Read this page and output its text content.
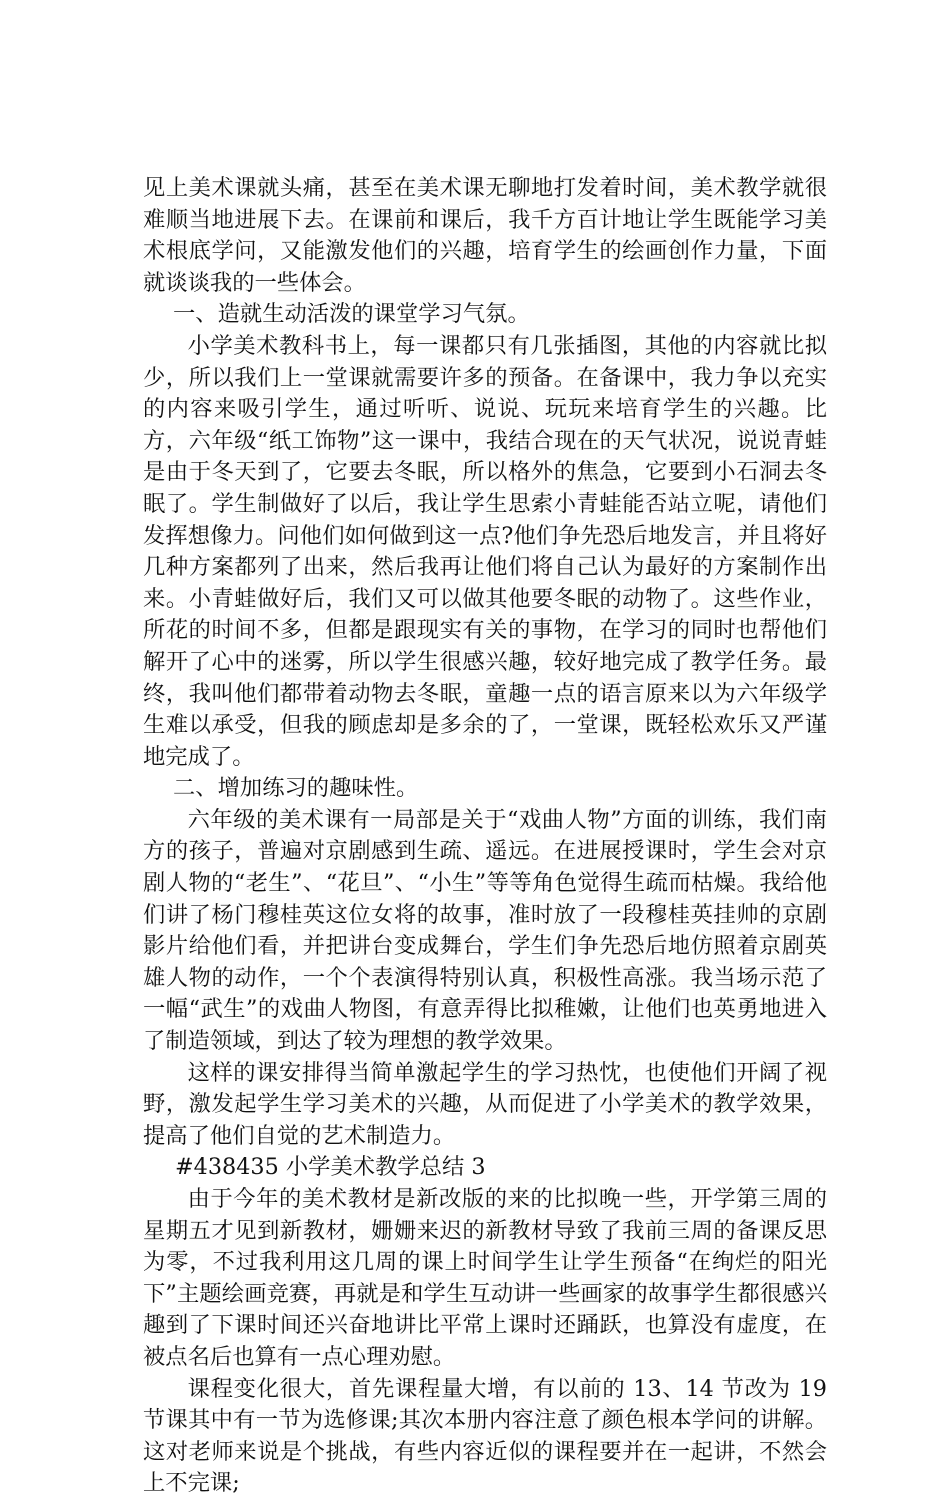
见上美术课就头痛，甚至在美术课无聊地打发着时间，美术教学就很难顺当地进展下去。在课前和课后，我千方百计地让学生既能学习美术根底学问，又能激发他们的兴趣，培育学生的绘画创作力量，下面就谈谈我的一些体会。

一、造就生动活泼的课堂学习气氛。

小学美术教科书上，每一课都只有几张插图，其他的内容就比拟少，所以我们上一堂课就需要许多的预备。在备课中，我力争以充实的内容来吸引学生，通过听听、说说、玩玩来培育学生的兴趣。比方，六年级“纸工饰物”这一课中，我结合现在的天气状况，说说青蛙是由于冬天到了，它要去冬眠，所以格外的焦急，它要到小石洞去冬眠了。学生制做好了以后，我让学生思索小青蛙能否站立呢，请他们发挥想像力。问他们如何做到这一点?他们争先恐后地发言，并且将好几种方案都列了出来，然后我再让他们将自己认为最好的方案制作出来。小青蛙做好后，我们又可以做其他要冬眠的动物了。这些作业，所花的时间不多，但都是跟现实有关的事物，在学习的同时也帮他们解开了心中的迷雾，所以学生很感兴趣，较好地完成了教学任务。最终，我叫他们都带着动物去冬眠，童趣一点的语言原来以为六年级学生难以承受，但我的顾虑却是多余的了，一堂课，既轻松欢乐又严谨地完成了。

二、增加练习的趣味性。

六年级的美术课有一局部是关于“戏曲人物”方面的训练，我们南方的孩子，普遍对京剧感到生疏、遥远。在进展授课时，学生会对京剧人物的“老生”、“花旦”、“小生”等等角色觉得生疏而枯燥。我给他们讲了杨门穆桂英这位女将的故事，准时放了一段穆桂英挂帅的京剧影片给他们看，并把讲台变成舞台，学生们争先恐后地仿照着京剧英雄人物的动作，一个个表演得特别认真，积极性高涨。我当场示范了一幅“武生”的戏曲人物图，有意弄得比拟稚嫩，让他们也英勇地进入了制造领域，到达了较为理想的教学效果。

这样的课安排得当简单激起学生的学习热忱，也使他们开阔了视野，激发起学生学习美术的兴趣，从而促进了小学美术的教学效果，提高了他们自觉的艺术制造力。

#438435 小学美术教学总结 3

由于今年的美术教材是新改版的来的比拟晚一些，开学第三周的星期五才见到新教材，姗姗来迟的新教材导致了我前三周的备课反思为零，不过我利用这几周的课上时间学生让学生预备“在绚烂的阳光下”主题绘画竞赛，再就是和学生互动讲一些画家的故事学生都很感兴趣到了下课时间还兴奋地讲比平常上课时还踊跃，也算没有虚度，在被点名后也算有一点心理劝慰。

课程变化很大，首先课程量大增，有以前的 13、14 节改为 19 节课其中有一节为选修课;其次本册内容注意了颜色根本学问的讲解。这对老师来说是个挑战，有些内容近似的课程要并在一起讲，不然会上不完课;
